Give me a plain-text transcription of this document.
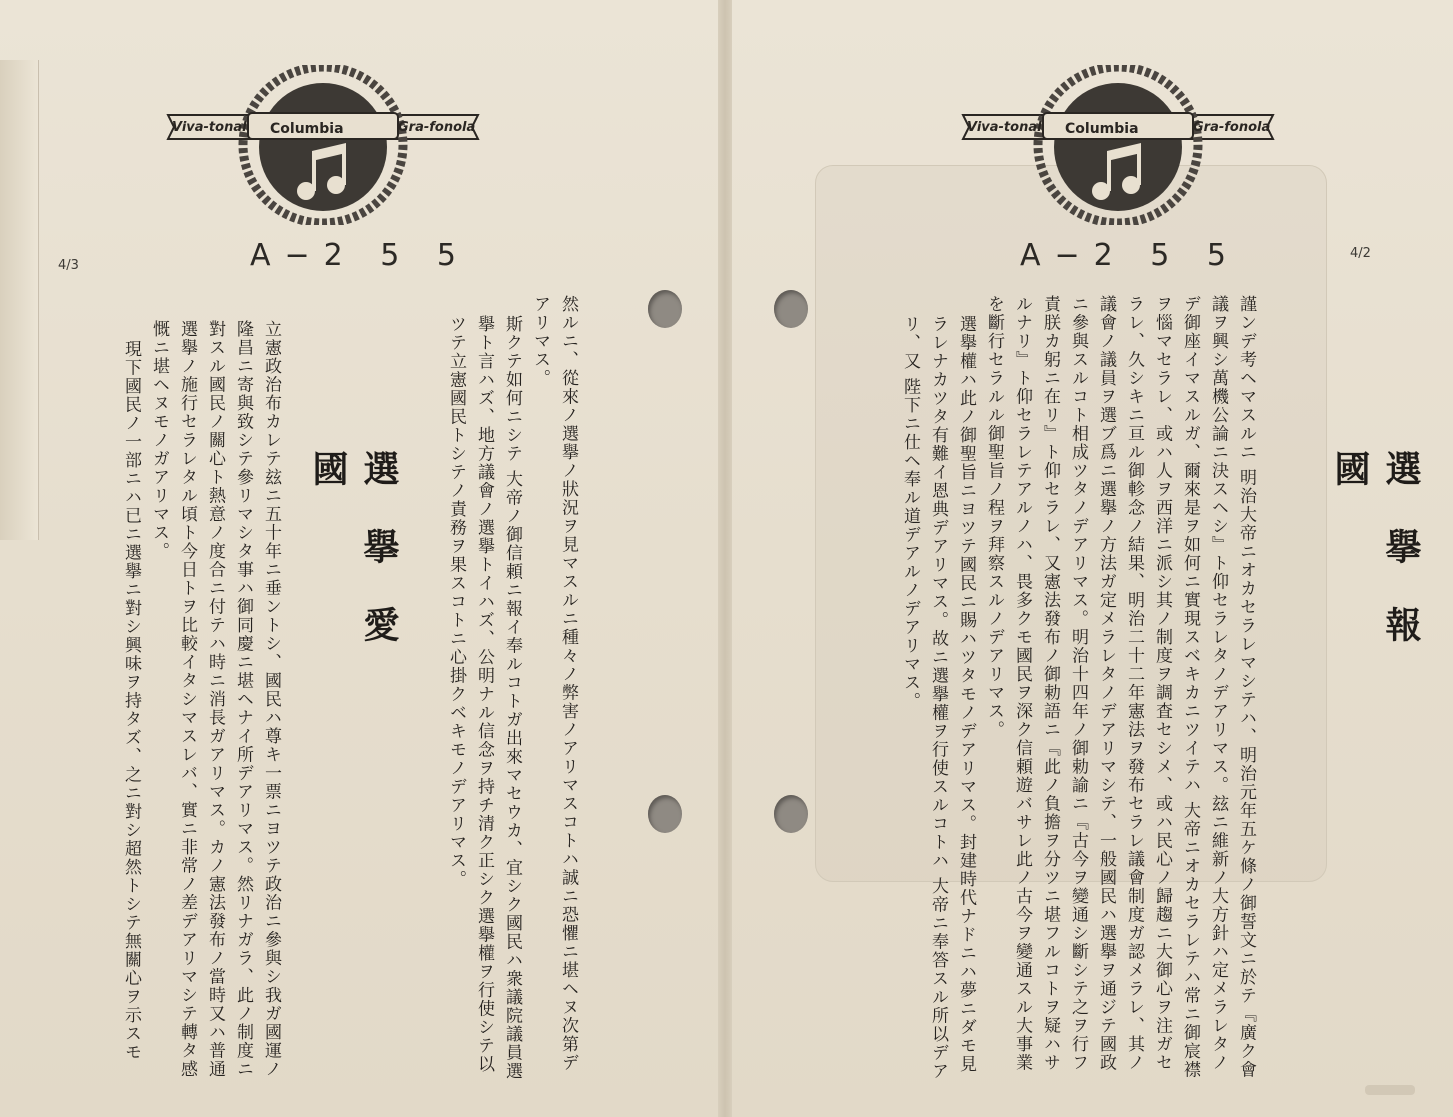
4/3	A−2 5 5	4/2
A−2 5 5
Viva-tonal Columbia	Gra-fonola	Viva-tonal Columbia	Gra-fonola

然ルニ、從來ノ選擧ノ狀況ヲ見マスルニ種々ノ弊害ノアリマスコトハ誠ニ恐懼ニ堪ヘヌ次第デアリマス。

斯クテ如何ニシテ 大帝ノ御信頼ニ報イ奉ルコトガ出來マセウカ、宜シク國民ハ衆議院議員選擧ト言ハズ、地方議會ノ選擧トイハズ、公明ナル信念ヲ持チ清ク正シク選擧權ヲ行使シテ以ツテ立憲國民トシテノ責務ヲ果スコトニ心掛クベキモノデアリマス。

選擧愛國

立憲政治布カレテ玆ニ五十年ニ垂ントシ、國民ハ尊キ一票ニヨツテ政治ニ參與シ我ガ國運ノ隆昌ニ寄與致シテ參リマシタ事ハ御同慶ニ堪ヘナイ所デアリマス。然リナガラ、此ノ制度ニ對スル國民ノ關心ト熱意ノ度合ニ付テハ時ニ消長ガアリマス。カノ憲法發布ノ當時又ハ普通選擧ノ施行セラレタル頃ト今日トヲ比較イタシマスレバ、實ニ非常ノ差デアリマシテ轉タ感慨ニ堪ヘヌモノガアリマス。

現下國民ノ一部ニハ已ニ選擧ニ對シ興味ヲ持タズ、之ニ對シ超然トシテ無關心ヲ示スモ	選擧報國

謹ンデ考ヘマスルニ 明治大帝ニオカセラレマシテハ、明治元年五ケ條ノ御誓文ニ於テ『廣ク會議ヲ興シ萬機公論ニ決スヘシ』ト仰セラレタノデアリマス。玆ニ維新ノ大方針ハ定メラレタノデ御座イマスルガ、爾來是ヲ如何ニ實現スベキカニツイテハ 大帝ニオカセラレテハ常ニ御宸襟ヲ惱マセラレ、或ハ人ヲ西洋ニ派シ其ノ制度ヲ調査セシメ、或ハ民心ノ歸趨ニ大御心ヲ注ガセラレ、久シキニ亘ル御軫念ノ結果、明治二十二年憲法ヲ發布セラレ議會制度ガ認メラレ、其ノ議會ノ議員ヲ選ブ爲ニ選擧ノ方法ガ定メラレタノデアリマシテ、一般國民ハ選擧ヲ通ジテ國政ニ參與スルコト相成ツタノデアリマス。明治十四年ノ御勅諭ニ『古今ヲ變通シ斷シテ之ヲ行フ責朕カ躬ニ在リ』ト仰セラレ、又憲法發布ノ御勅語ニ『此ノ負擔ヲ分ツニ堪フルコトヲ疑ハサルナリ』ト仰セラレテアルノハ、畏多クモ國民ヲ深ク信頼遊バサレ此ノ古今ヲ變通スル大事業を斷行セラルル御聖旨ノ程ヲ拜察スルノデアリマス。

選擧權ハ此ノ御聖旨ニヨツテ國民ニ賜ハツタモノデアリマス。封建時代ナドニハ夢ニダモ見ラレナカツタ有難イ恩典デアリマス。故ニ選擧權ヲ行使スルコトハ 大帝ニ奉答スル所以デアリ、又 陛下ニ仕ヘ奉ル道デアルノデアリマス。
